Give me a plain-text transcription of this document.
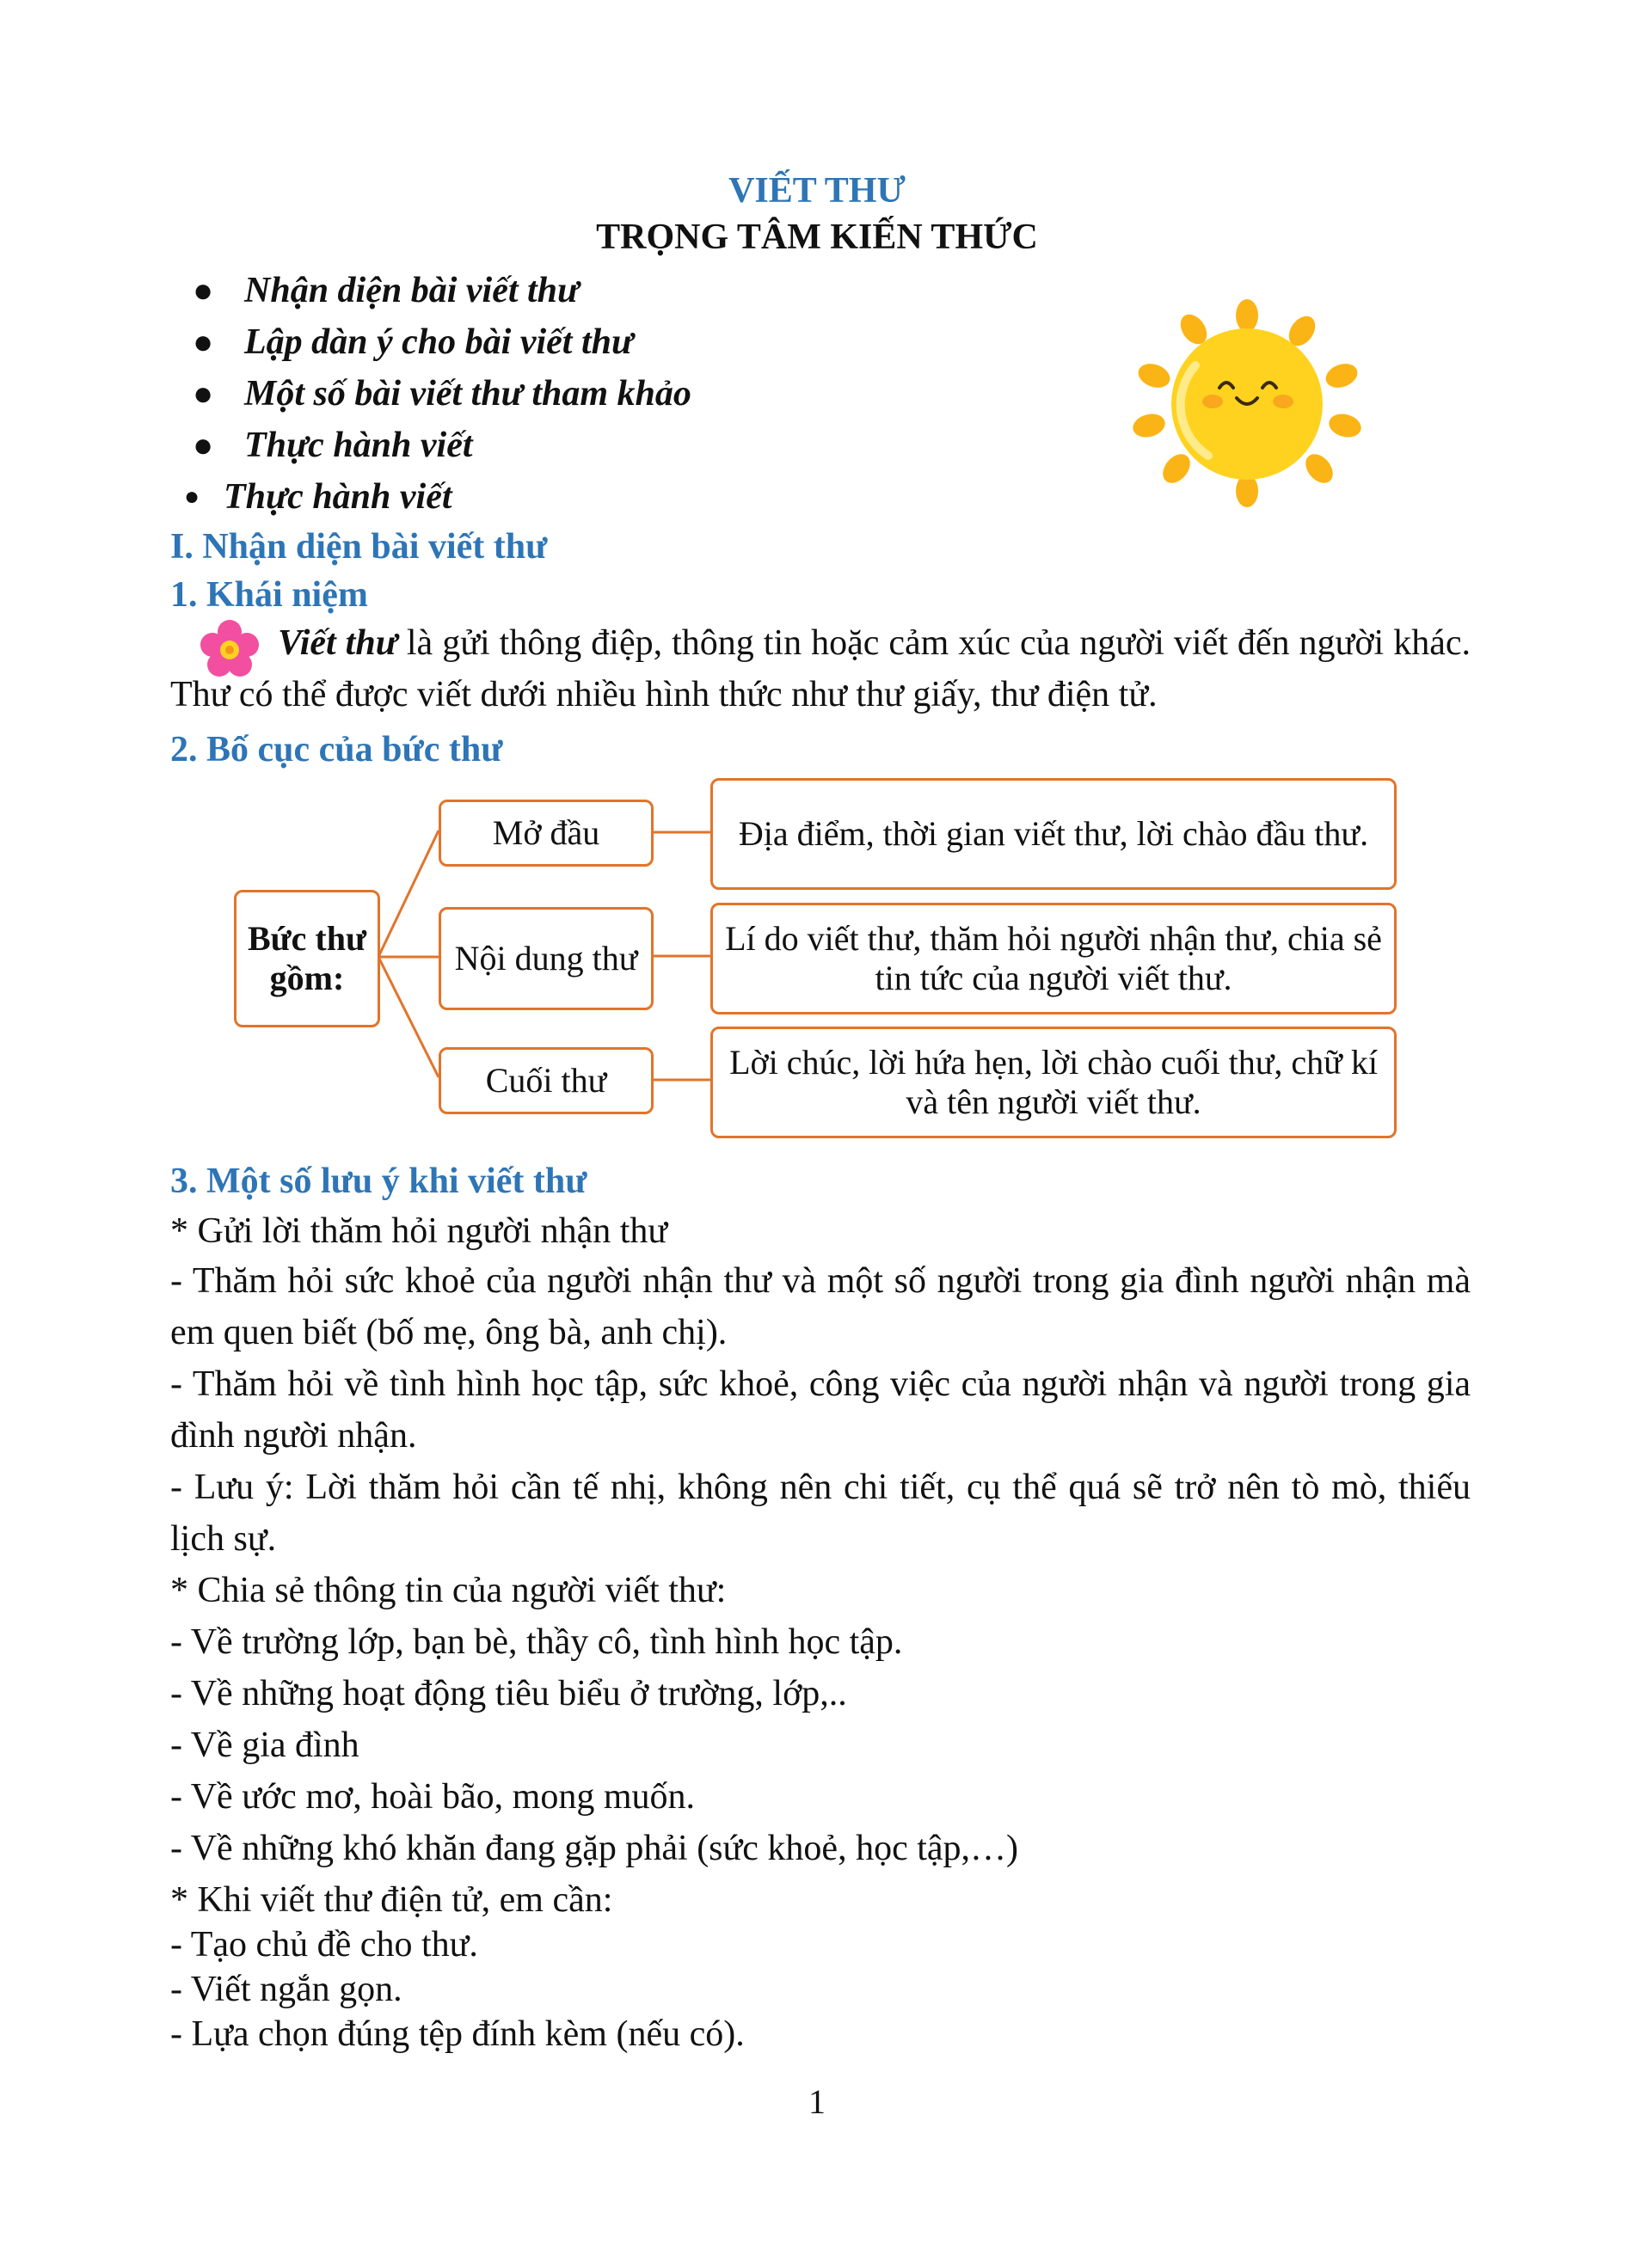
VIẾT THƯ
TRỌNG TÂM KIẾN THỨC
● Nhận diện bài viết thư
● Lập dàn ý cho bài viết thư
● Một số bài viết thư tham khảo
● Thực hành viết
● Thực hành viết
I. Nhận diện bài viết thư
1. Khái niệm
Viết thư là gửi thông điệp, thông tin hoặc cảm xúc của người viết đến người khác. Thư có thể được viết dưới nhiều hình thức như thư giấy, thư điện tử.
2. Bố cục của bức thư
Bức thư gồm:
Mở đầu
Nội dung thư
Cuối thư
Địa điểm, thời gian viết thư, lời chào đầu thư.
Lí do viết thư, thăm hỏi người nhận thư, chia sẻ tin tức của người viết thư.
Lời chúc, lời hứa hẹn, lời chào cuối thư, chữ kí và tên người viết thư.
3. Một số lưu ý khi viết thư
* Gửi lời thăm hỏi người nhận thư
- Thăm hỏi sức khoẻ của người nhận thư và một số người trong gia đình người nhận mà em quen biết (bố mẹ, ông bà, anh chị).
- Thăm hỏi về tình hình học tập, sức khoẻ, công việc của người nhận và người trong gia đình người nhận.
- Lưu ý: Lời thăm hỏi cần tế nhị, không nên chi tiết, cụ thể quá sẽ trở nên tò mò, thiếu lịch sự.
* Chia sẻ thông tin của người viết thư:
- Về trường lớp, bạn bè, thầy cô, tình hình học tập.
- Về những hoạt động tiêu biểu ở trường, lớp,..
- Về gia đình
- Về ước mơ, hoài bão, mong muốn.
- Về những khó khăn đang gặp phải (sức khoẻ, học tập,…)
* Khi viết thư điện tử, em cần:
- Tạo chủ đề cho thư.
- Viết ngắn gọn.
- Lựa chọn đúng tệp đính kèm (nếu có).
1
